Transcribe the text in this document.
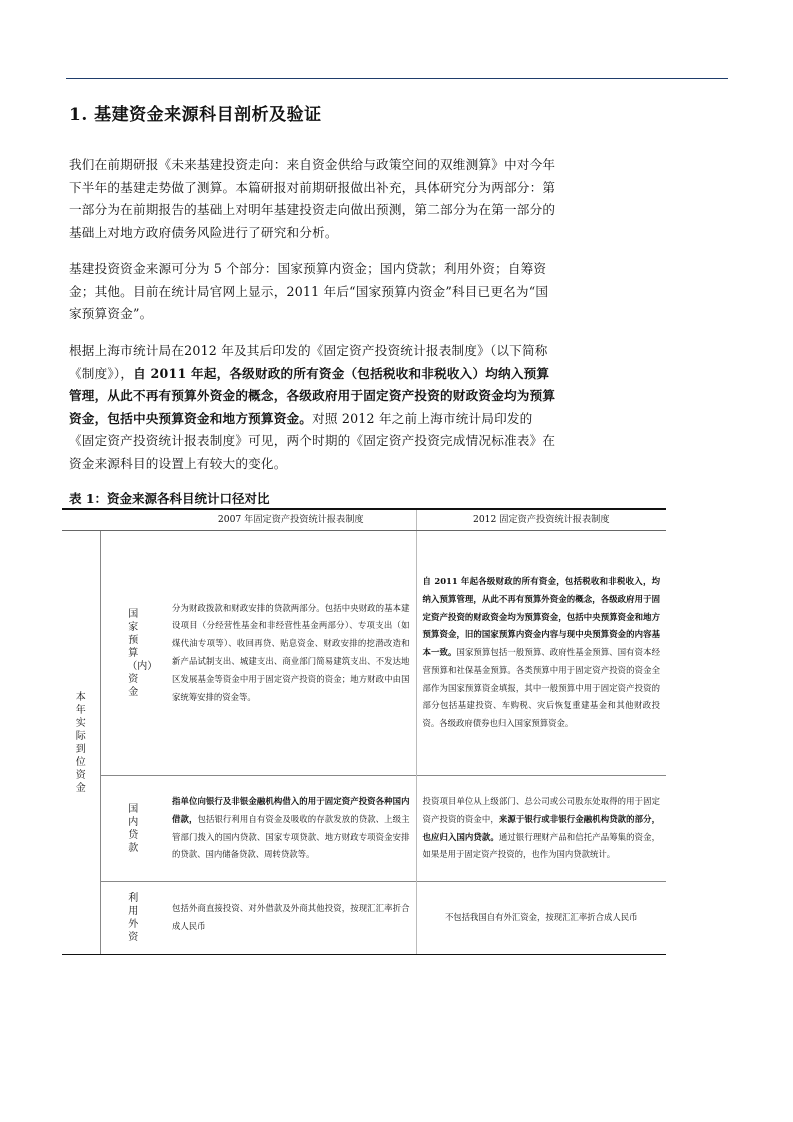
1. 基建资金来源科目剖析及验证

我们在前期研报《未来基建投资走向：来自资金供给与政策空间的双维测算》中对今年下半年的基建走势做了测算。本篇研报对前期研报做出补充，具体研究分为两部分：第一部分为在前期报告的基础上对明年基建投资走向做出预测，第二部分为在第一部分的基础上对地方政府债务风险进行了研究和分析。

基建投资资金来源可分为 5 个部分：国家预算内资金；国内贷款；利用外资；自筹资金；其他。目前在统计局官网上显示，2011 年后“国家预算内资金”科目已更名为“国家预算资金”。

根据上海市统计局在2012 年及其后印发的《固定资产投资统计报表制度》（以下简称《制度》），自 2011 年起，各级财政的所有资金（包括税收和非税收入）均纳入预算管理，从此不再有预算外资金的概念，各级政府用于固定资产投资的财政资金均为预算资金，包括中央预算资金和地方预算资金。对照 2012 年之前上海市统计局印发的《固定资产投资统计报表制度》可见，两个时期的《固定资产投资完成情况标准表》在资金来源科目的设置上有较大的变化。

表 1：资金来源各科目统计口径对比

		2007 年固定资产投资统计报表制度	2012 固定资产投资统计报表制度
本年实际到位资金	国家预算（内）资金	分为财政拨款和财政安排的贷款两部分。包括中央财政的基本建设项目（分经营性基金和非经营性基金两部分）、专项支出（如煤代油专项等）、收回再贷、贴息资金、财政安排的挖潜改造和新产品试制支出、城建支出、商业部门简易建筑支出、不发达地区发展基金等资金中用于固定资产投资的资金；地方财政中由国家统筹安排的资金等。	自 2011 年起各级财政的所有资金，包括税收和非税收入，均纳入预算管理，从此不再有预算外资金的概念，各级政府用于固定资产投资的财政资金均为预算资金，包括中央预算资金和地方预算资金，旧的国家预算内资金内容与现中央预算资金的内容基本一致。国家预算包括一般预算、政府性基金预算、国有资本经营预算和社保基金预算。各类预算中用于固定资产投资的资金全部作为国家预算资金填报，其中一般预算中用于固定资产投资的部分包括基建投资、车购税、灾后恢复重建基金和其他财政投资。各级政府债券也归入国家预算资金。
	国内贷款	指单位向银行及非银金融机构借入的用于固定资产投资各种国内借款，包括银行利用自有资金及吸收的存款发放的贷款、上级主管部门拨入的国内贷款、国家专项贷款、地方财政专项资金安排的贷款、国内储备贷款、周转贷款等。	投资项目单位从上级部门、总公司或公司股东处取得的用于固定资产投资的资金中，来源于银行或非银行金融机构贷款的部分，也应归入国内贷款。通过银行理财产品和信托产品筹集的资金，如果是用于固定资产投资的，也作为国内贷款统计。
	利用外资	包括外商直接投资、对外借款及外商其他投资，按现汇汇率折合成人民币	不包括我国自有外汇资金，按现汇汇率折合成人民币
